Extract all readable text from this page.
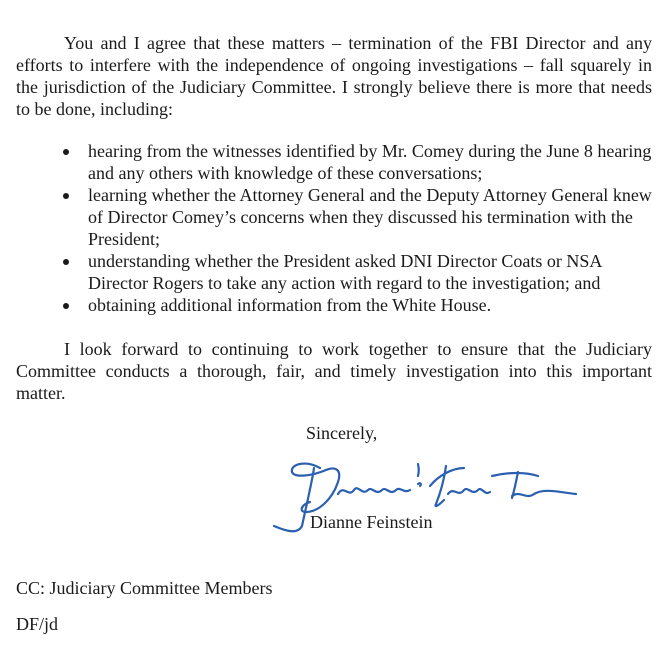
You and I agree that these matters – termination of the FBI Director and any efforts to interfere with the independence of ongoing investigations – fall squarely in the jurisdiction of the Judiciary Committee. I strongly believe there is more that needs to be done, including:

hearing from the witnesses identified by Mr. Comey during the June 8 hearing and any others with knowledge of these conversations;
learning whether the Attorney General and the Deputy Attorney General knew of Director Comey’s concerns when they discussed his termination with the President;
understanding whether the President asked DNI Director Coats or NSA Director Rogers to take any action with regard to the investigation; and
obtaining additional information from the White House.

I look forward to continuing to work together to ensure that the Judiciary Committee conducts a thorough, fair, and timely investigation into this important matter.

Sincerely,
Dianne Feinstein
CC: Judiciary Committee Members
DF/jd
